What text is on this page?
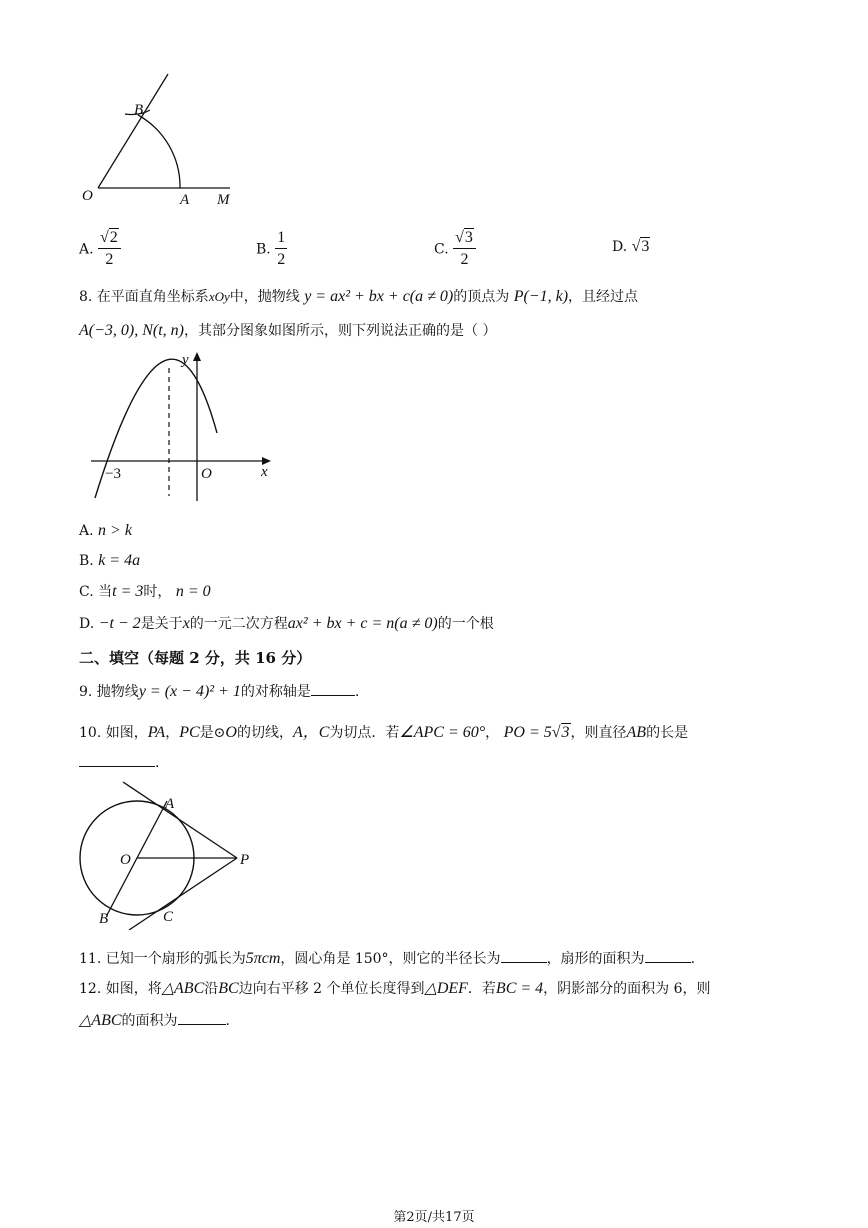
B
O	A M
A. $\frac{√2}{2}$	B. $\frac{1}{2}$	C. $\frac{√3}{2}$	D. √3
8. 在平面直角坐标系xOy中，抛物线 y = ax² + bx + c(a ≠ 0)的顶点为 P(−1, k)，且经过点
A(−3, 0), N(t, n)，其部分图象如图所示，则下列说法正确的是（ ）
y
x
O
−3
A. n > k
B. k = 4a
C. 当t = 3时， n = 0
D. −t − 2是关于x的一元二次方程ax² + bx + c = n(a ≠ 0)的一个根
二、填空（每题 2 分，共 16 分）
9. 抛物线y = (x − 4)² + 1的对称轴是	.
10. 如图，PA，PC是⊙O的切线，A，C为切点．若∠APC = 60°， PO = 5√3，则直径AB的长是
.
A
O	P
B	C
11. 已知一个扇形的弧长为5πcm，圆心角是 150°，则它的半径长为	，扇形的面积为	.
12. 如图，将△ABC沿BC边向右平移 2 个单位长度得到△DEF．若BC = 4，阴影部分的面积为 6，则
△ABC的面积为	.
第2页/共17页
